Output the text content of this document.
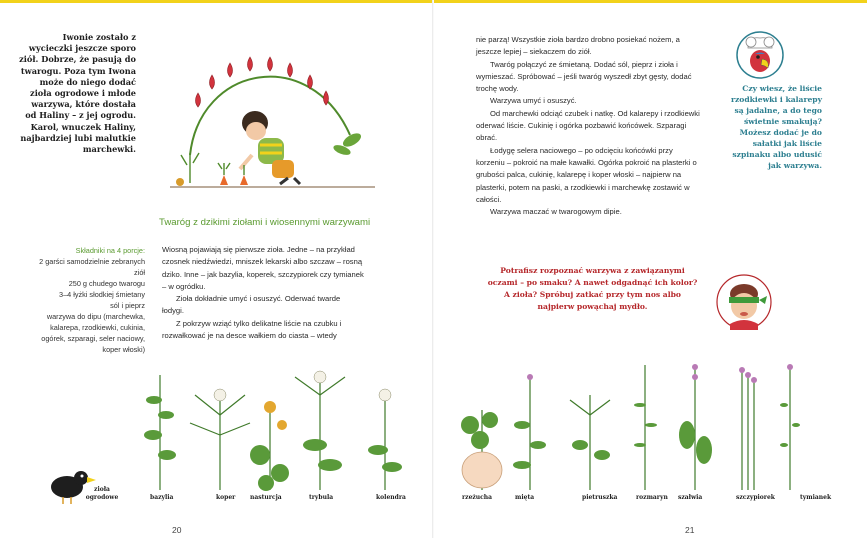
Iwonie zostało z wycieczki jeszcze sporo ziół. Dobrze, że pasują do twarogu. Poza tym Iwona może do niego dodać zioła ogrodowe i młode warzywa, które dostała od Haliny – z jej ogrodu. Karol, wnuczek Haliny, najbardziej lubi malutkie marchewki.
Twaróg z dzikimi ziołami i wiosennymi warzywami
Składniki na 4 porcje:
2 garści samodzielnie zebranych ziół
250 g chudego twarogu
3–4 łyżki słodkiej śmietany
sól i pieprz
warzywa do dipu (marchewka, kalarepa, rzodkiewki, cukinia, ogórek, szparagi, seler naciowy, koper włoski)

Wiosną pojawiają się pierwsze zioła. Jedne – na przykład czosnek niedźwiedzi, mniszek lekarski albo szczaw – rosną dziko. Inne – jak bazylia, koperek, szczypiorek czy tymianek – w ogródku.

Zioła dokładnie umyć i osuszyć. Oderwać twarde łodygi.

Z pokrzyw wziąć tylko delikatne liście na czubku i rozwałkować je na desce wałkiem do ciasta – wtedy

nie parzą! Wszystkie zioła bardzo drobno posiekać nożem, a jeszcze lepiej – siekaczem do ziół.

Twaróg połączyć ze śmietaną. Dodać sól, pieprz i zioła i wymieszać. Spróbować – jeśli twaróg wyszedł zbyt gęsty, dodać trochę wody.

Warzywa umyć i osuszyć.

Od marchewki odciąć czubek i natkę. Od kalarepy i rzodkiewki oderwać liście. Cukinię i ogórka pozbawić końcówek. Szparagi obrać.

Łodygę selera naciowego – po odcięciu końcówki przy korzeniu – pokroić na małe kawałki. Ogórka pokroić na plasterki o grubości palca, cukinię, kalarepę i koper włoski – najpierw na plasterki, potem na paski, a rzodkiewki i marchewkę zostawić w całości.

Warzywa maczać w twarogowym dipie.

Czy wiesz, że liście rzodkiewki i kalarepy są jadalne, a do tego świetnie smakują? Możesz dodać je do sałatki jak liście szpinaku albo udusić jak warzywa.
Potrafisz rozpoznać warzywa z zawiązanymi oczami – po smaku? A nawet odgadnąć ich kolor? A zioła? Spróbuj zatkać przy tym nos albo najpierw powąchaj mydło.
zioła ogrodowe	bazylia	koper nasturcja	trybula	kolendra	rzeżucha	mięta	pietruszka	rozmaryn szałwia	szczypiorek	tymianek
20	21
